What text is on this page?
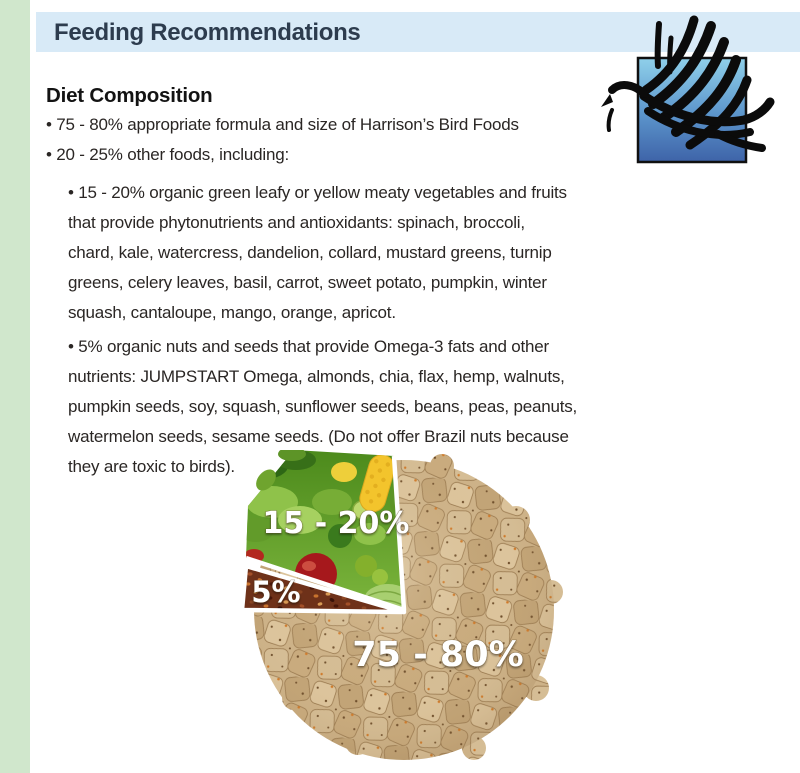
Feeding Recommendations
Diet Composition
• 75 - 80% appropriate formula and size of Harrison’s Bird Foods
• 20 - 25% other foods, including:
• 15 - 20% organic green leafy or yellow meaty vegetables and fruits
that provide phytonutrients and antioxidants: spinach, broccoli,
chard, kale, watercress, dandelion, collard, mustard greens, turnip
greens, celery leaves, basil, carrot, sweet potato, pumpkin, winter
squash, cantaloupe, mango, orange, apricot.
• 5% organic nuts and seeds that provide Omega-3 fats and other
nutrients: JUMPSTART Omega, almonds, chia, flax, hemp, walnuts,
pumpkin seeds, soy, squash, sunflower seeds, beans, peas, peanuts,
watermelon seeds, sesame seeds. (Do not offer Brazil nuts because
they are toxic to birds).
15 - 20%
5%
75 - 80%
